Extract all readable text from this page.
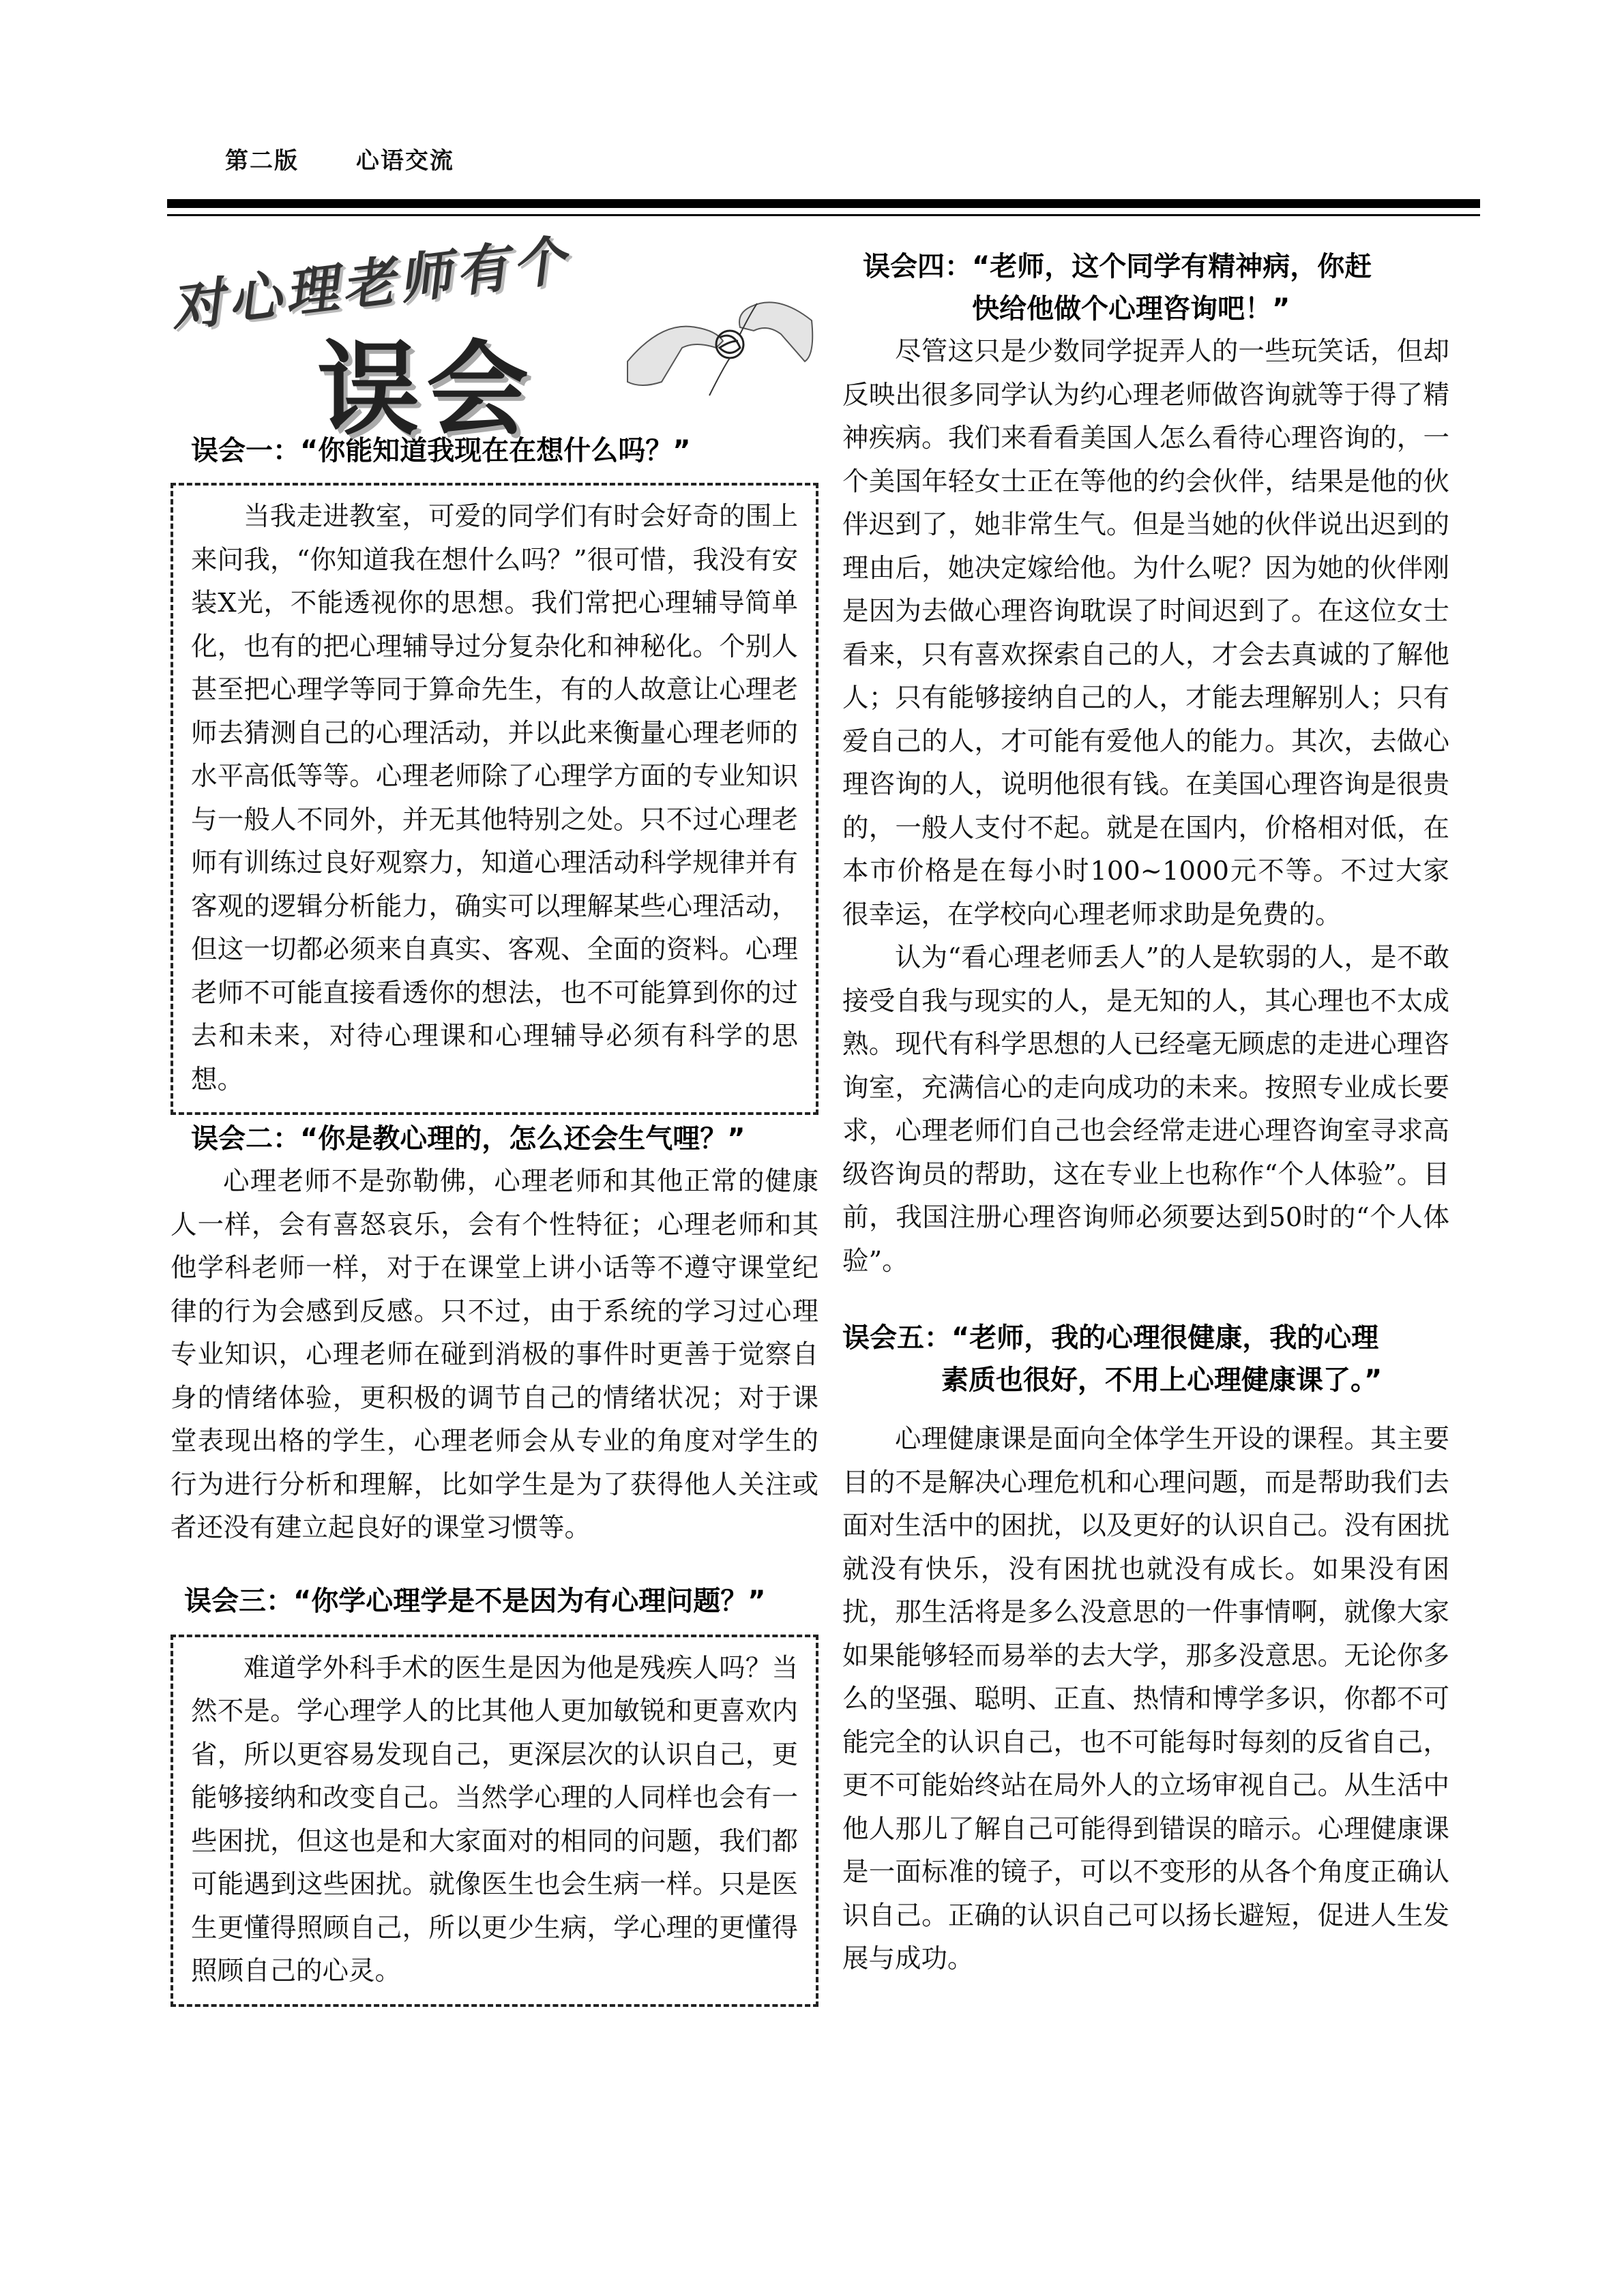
第二版 心语交流
对心理老师有个
误会
误会一：“你能知道我现在在想什么吗？”

当我走进教室，可爱的同学们有时会好奇的围上来问我，“你知道我在想什么吗？”很可惜，我没有安装X光，不能透视你的思想。我们常把心理辅导简单化，也有的把心理辅导过分复杂化和神秘化。个别人甚至把心理学等同于算命先生，有的人故意让心理老师去猜测自己的心理活动，并以此来衡量心理老师的水平高低等等。心理老师除了心理学方面的专业知识与一般人不同外，并无其他特别之处。只不过心理老师有训练过良好观察力，知道心理活动科学规律并有客观的逻辑分析能力，确实可以理解某些心理活动，但这一切都必须来自真实、客观、全面的资料。心理老师不可能直接看透你的想法，也不可能算到你的过去和未来，对待心理课和心理辅导必须有科学的思想。

误会二：“你是教心理的，怎么还会生气哩？”

心理老师不是弥勒佛，心理老师和其他正常的健康人一样，会有喜怒哀乐，会有个性特征；心理老师和其他学科老师一样，对于在课堂上讲小话等不遵守课堂纪律的行为会感到反感。只不过，由于系统的学习过心理专业知识，心理老师在碰到消极的事件时更善于觉察自身的情绪体验，更积极的调节自己的情绪状况；对于课堂表现出格的学生，心理老师会从专业的角度对学生的行为进行分析和理解，比如学生是为了获得他人关注或者还没有建立起良好的课堂习惯等。

误会三：“你学心理学是不是因为有心理问题？”

难道学外科手术的医生是因为他是残疾人吗？当然不是。学心理学人的比其他人更加敏锐和更喜欢内省，所以更容易发现自己，更深层次的认识自己，更能够接纳和改变自己。当然学心理的人同样也会有一些困扰，但这也是和大家面对的相同的问题，我们都可能遇到这些困扰。就像医生也会生病一样。只是医生更懂得照顾自己，所以更少生病，学心理的更懂得照顾自己的心灵。

误会四：“老师，这个同学有精神病，你赶
快给他做个心理咨询吧！”

尽管这只是少数同学捉弄人的一些玩笑话，但却反映出很多同学认为约心理老师做咨询就等于得了精神疾病。我们来看看美国人怎么看待心理咨询的，一个美国年轻女士正在等他的约会伙伴，结果是他的伙伴迟到了，她非常生气。但是当她的伙伴说出迟到的理由后，她决定嫁给他。为什么呢？因为她的伙伴刚是因为去做心理咨询耽误了时间迟到了。在这位女士看来，只有喜欢探索自己的人，才会去真诚的了解他人；只有能够接纳自己的人，才能去理解别人；只有爱自己的人，才可能有爱他人的能力。其次，去做心理咨询的人，说明他很有钱。在美国心理咨询是很贵的，一般人支付不起。就是在国内，价格相对低，在本市价格是在每小时100~1000元不等。不过大家很幸运，在学校向心理老师求助是免费的。

认为“看心理老师丢人”的人是软弱的人，是不敢接受自我与现实的人，是无知的人，其心理也不太成熟。现代有科学思想的人已经毫无顾虑的走进心理咨询室，充满信心的走向成功的未来。按照专业成长要求，心理老师们自己也会经常走进心理咨询室寻求高级咨询员的帮助，这在专业上也称作“个人体验”。目前，我国注册心理咨询师必须要达到50时的“个人体验”。

误会五：“老师，我的心理很健康，我的心理
素质也很好，不用上心理健康课了。”

心理健康课是面向全体学生开设的课程。其主要目的不是解决心理危机和心理问题，而是帮助我们去面对生活中的困扰，以及更好的认识自己。没有困扰就没有快乐，没有困扰也就没有成长。如果没有困扰，那生活将是多么没意思的一件事情啊，就像大家如果能够轻而易举的去大学，那多没意思。无论你多么的坚强、聪明、正直、热情和博学多识，你都不可能完全的认识自己，也不可能每时每刻的反省自己，更不可能始终站在局外人的立场审视自己。从生活中他人那儿了解自己可能得到错误的暗示。心理健康课是一面标准的镜子，可以不变形的从各个角度正确认识自己。正确的认识自己可以扬长避短，促进人生发展与成功。
